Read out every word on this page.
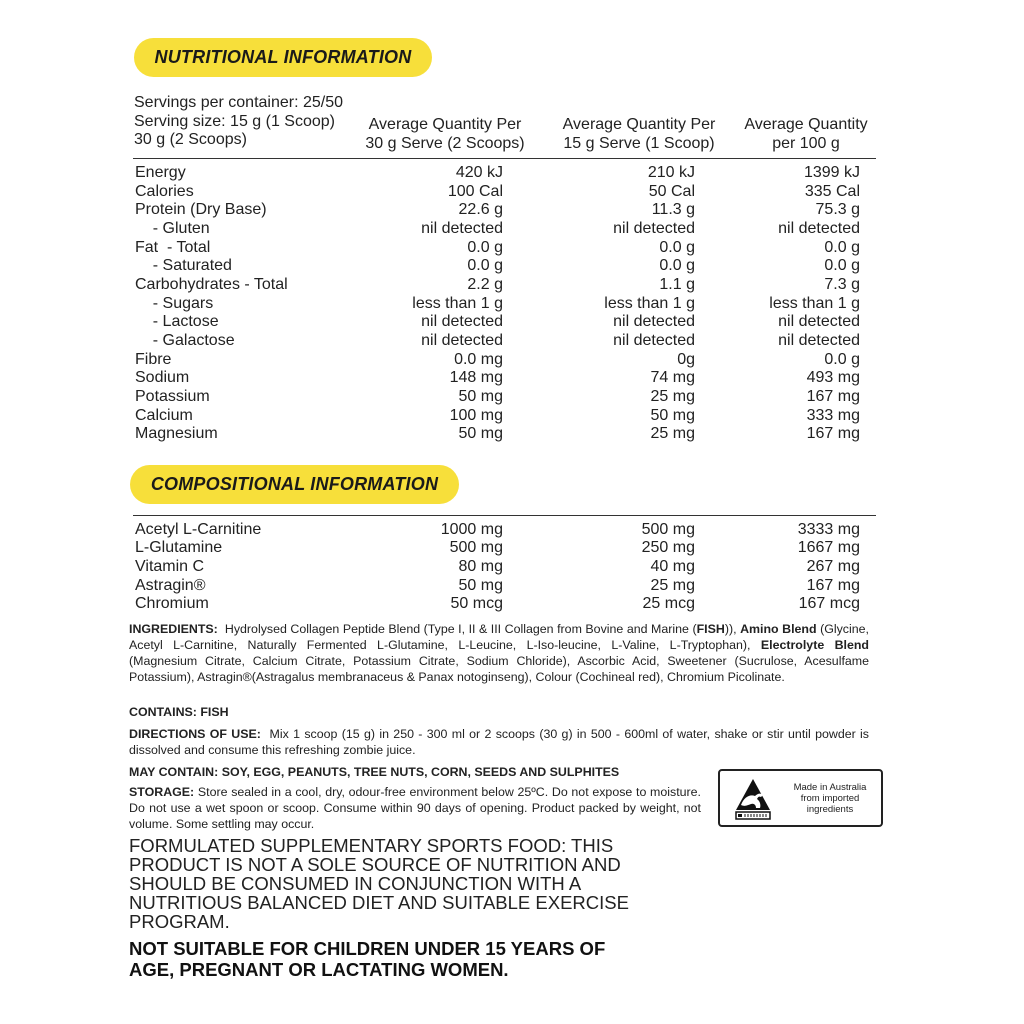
NUTRITIONAL INFORMATION
Servings per container: 25/50
Serving size: 15 g (1 Scoop)
30 g (2 Scoops)
Average Quantity Per
30 g Serve (2 Scoops)
Average Quantity Per
15 g Serve (1 Scoop)
Average Quantity
per 100 g
Energy	420 kJ	210 kJ	1399 kJ
Calories	100 Cal	50 Cal	335 Cal
Protein (Dry Base)	22.6 g	11.3 g	75.3 g
- Gluten	nil detected	nil detected	nil detected
Fat  - Total	0.0 g	0.0 g	0.0 g
- Saturated	0.0 g	0.0 g	0.0 g
Carbohydrates - Total	2.2 g	1.1 g	7.3 g
- Sugars	less than 1 g	less than 1 g	less than 1 g
- Lactose	nil detected	nil detected	nil detected
- Galactose	nil detected	nil detected	nil detected
Fibre	0.0 mg	0g	0.0 g
Sodium	148 mg	74 mg	493 mg
Potassium	50 mg	25 mg	167 mg
Calcium	100 mg	50 mg	333 mg
Magnesium	50 mg	25 mg	167 mg
COMPOSITIONAL INFORMATION
Acetyl L-Carnitine	1000 mg	500 mg	3333 mg
L-Glutamine	500 mg	250 mg	1667 mg
Vitamin C	80 mg	40 mg	267 mg
Astragin®	50 mg	25 mg	167 mg
Chromium	50 mcg	25 mcg	167 mcg
INGREDIENTS: Hydrolysed Collagen Peptide Blend (Type I, II & III Collagen from Bovine and Marine (FISH)), Amino Blend (Glycine, Acetyl L-Carnitine, Naturally Fermented L-Glutamine, L-Leucine, L-Iso-leucine, L-Valine, L-Tryptophan), Electrolyte Blend (Magnesium Citrate, Calcium Citrate, Potassium Citrate, Sodium Chloride), Ascorbic Acid, Sweetener (Sucrulose, Acesulfame Potassium), Astragin®(Astragalus membranaceus & Panax notoginseng), Colour (Cochineal red), Chromium Picolinate.
CONTAINS: FISH
DIRECTIONS OF USE: Mix 1 scoop (15 g) in 250 - 300 ml or 2 scoops (30 g) in 500 - 600ml of water, shake or stir until powder is dissolved and consume this refreshing zombie juice.
MAY CONTAIN: SOY, EGG, PEANUTS, TREE NUTS, CORN, SEEDS AND SULPHITES
STORAGE: Store sealed in a cool, dry, odour-free environment below 25ºC. Do not expose to moisture. Do not use a wet spoon or scoop. Consume within 90 days of opening. Product packed by weight, not volume. Some settling may occur.
Made in Australia
from imported
ingredients
FORMULATED SUPPLEMENTARY SPORTS FOOD: THIS PRODUCT IS NOT A SOLE SOURCE OF NUTRITION AND SHOULD BE CONSUMED IN CONJUNCTION WITH A NUTRITIOUS BALANCED DIET AND SUITABLE EXERCISE PROGRAM.
NOT SUITABLE FOR CHILDREN UNDER 15 YEARS OF AGE, PREGNANT OR LACTATING WOMEN.
